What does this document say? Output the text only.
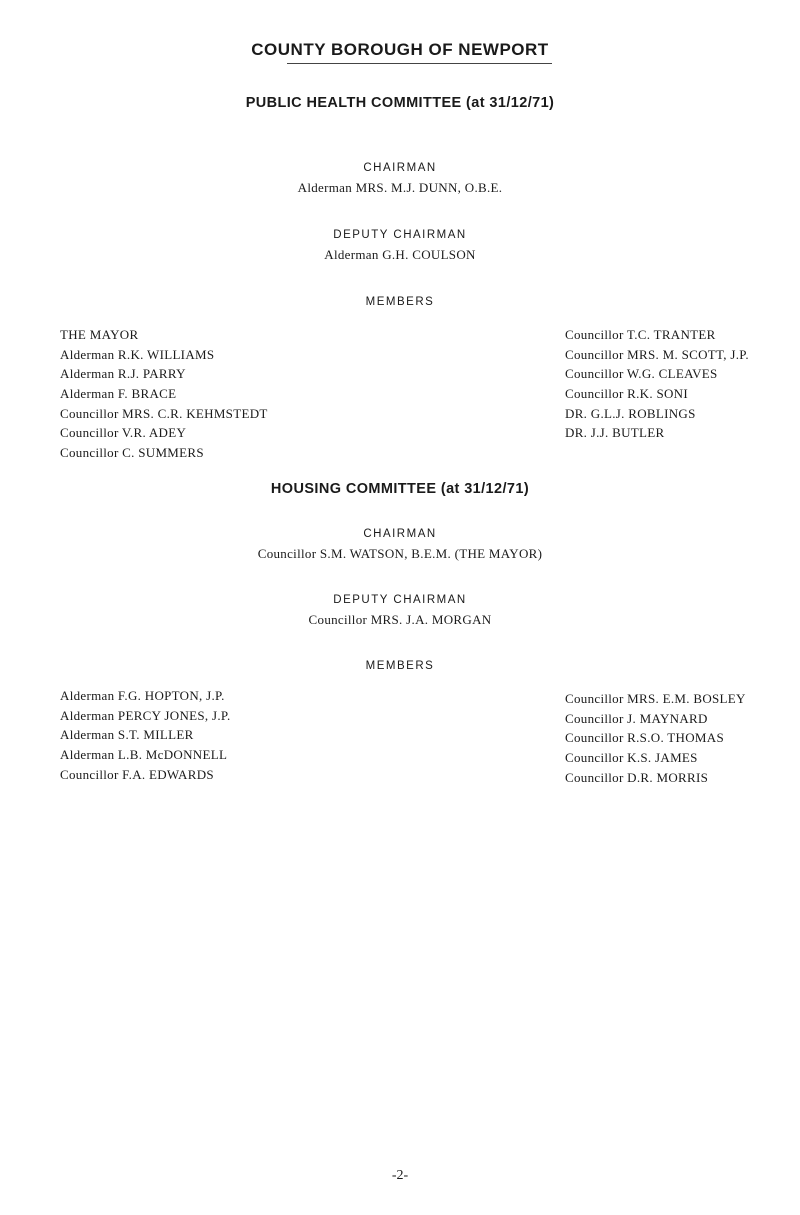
COUNTY BOROUGH OF NEWPORT
PUBLIC HEALTH COMMITTEE (at 31/12/71)
CHAIRMAN
Alderman MRS. M.J. DUNN, O.B.E.
DEPUTY CHAIRMAN
Alderman G.H. COULSON
MEMBERS
THE MAYOR
Alderman R.K. WILLIAMS
Alderman R.J. PARRY
Alderman F. BRACE
Councillor MRS. C.R. KEHMSTEDT
Councillor V.R. ADEY
Councillor C. SUMMERS
Councillor T.C. TRANTER
Councillor MRS. M. SCOTT, J.P.
Councillor W.G. CLEAVES
Councillor R.K. SONI
DR. G.L.J. ROBLINGS
DR. J.J. BUTLER
HOUSING COMMITTEE (at 31/12/71)
CHAIRMAN
Councillor S.M. WATSON, B.E.M. (THE MAYOR)
DEPUTY CHAIRMAN
Councillor MRS. J.A. MORGAN
MEMBERS
Alderman F.G. HOPTON, J.P.
Alderman PERCY JONES, J.P.
Alderman S.T. MILLER
Alderman L.B. McDONNELL
Councillor F.A. EDWARDS
Councillor MRS. E.M. BOSLEY
Councillor J. MAYNARD
Councillor R.S.O. THOMAS
Councillor K.S. JAMES
Councillor D.R. MORRIS
-2-
